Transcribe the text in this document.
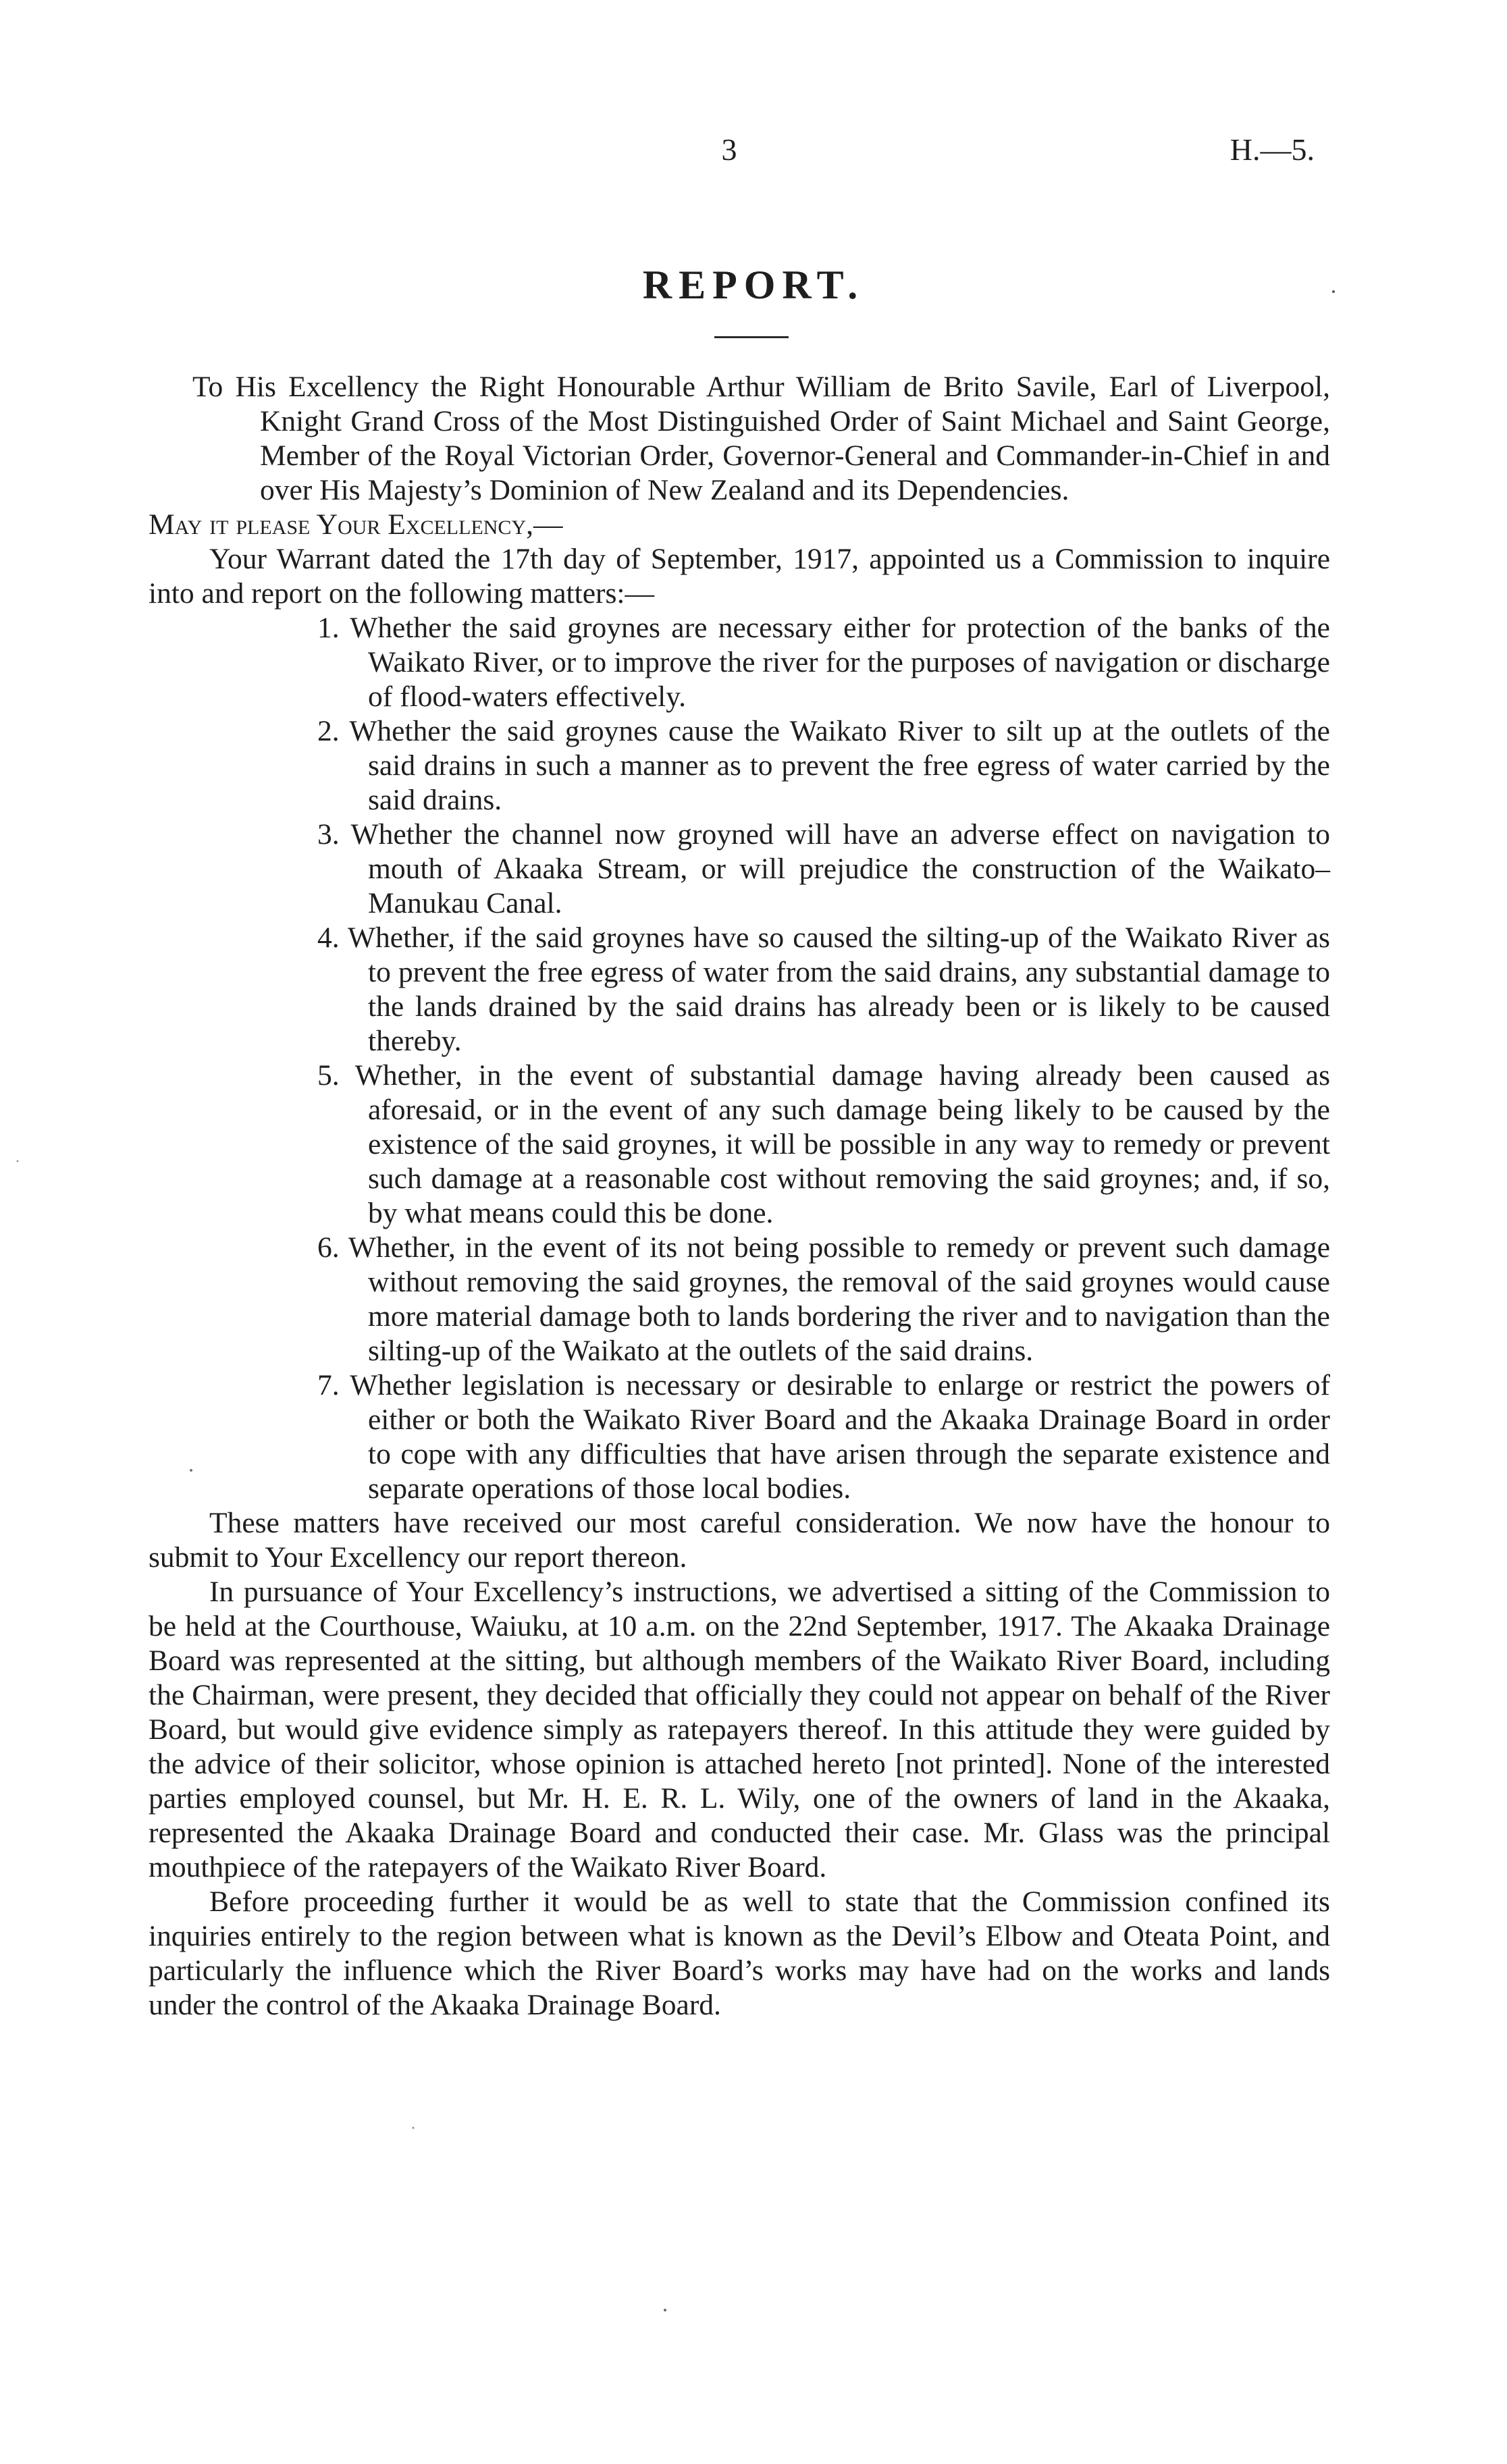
3	H.—5.
REPORT.

To His Excellency the Right Honourable Arthur William de Brito Savile, Earl of Liverpool, Knight Grand Cross of the Most Distinguished Order of Saint Michael and Saint George, Member of the Royal Victorian Order, Governor-General and Commander-in-Chief in and over His Majesty’s Dominion of New Zealand and its Dependencies.

May it please Your Excellency,—

Your Warrant dated the 17th day of September, 1917, appointed us a Commission to inquire into and report on the following matters:—

1. Whether the said groynes are necessary either for protection of the banks of the Waikato River, or to improve the river for the purposes of navigation or discharge of flood-waters effectively.
2. Whether the said groynes cause the Waikato River to silt up at the outlets of the said drains in such a manner as to prevent the free egress of water carried by the said drains.
3. Whether the channel now groyned will have an adverse effect on navigation to mouth of Akaaka Stream, or will prejudice the construction of the Waikato–Manukau Canal.
4. Whether, if the said groynes have so caused the silting-up of the Waikato River as to prevent the free egress of water from the said drains, any substantial damage to the lands drained by the said drains has already been or is likely to be caused thereby.
5. Whether, in the event of substantial damage having already been caused as aforesaid, or in the event of any such damage being likely to be caused by the existence of the said groynes, it will be possible in any way to remedy or prevent such damage at a reasonable cost without removing the said groynes; and, if so, by what means could this be done.
6. Whether, in the event of its not being possible to remedy or prevent such damage without removing the said groynes, the removal of the said groynes would cause more material damage both to lands bordering the river and to navigation than the silting-up of the Waikato at the outlets of the said drains.
7. Whether legislation is necessary or desirable to enlarge or restrict the powers of either or both the Waikato River Board and the Akaaka Drainage Board in order to cope with any difficulties that have arisen through the separate existence and separate operations of those local bodies.

These matters have received our most careful consideration. We now have the honour to submit to Your Excellency our report thereon.

In pursuance of Your Excellency’s instructions, we advertised a sitting of the Commission to be held at the Courthouse, Waiuku, at 10 a.m. on the 22nd September, 1917. The Akaaka Drainage Board was represented at the sitting, but although members of the Waikato River Board, including the Chairman, were present, they decided that officially they could not appear on behalf of the River Board, but would give evidence simply as ratepayers thereof. In this attitude they were guided by the advice of their solicitor, whose opinion is attached hereto [not printed]. None of the interested parties employed counsel, but Mr. H. E. R. L. Wily, one of the owners of land in the Akaaka, represented the Akaaka Drainage Board and conducted their case. Mr. Glass was the principal mouthpiece of the ratepayers of the Waikato River Board.

Before proceeding further it would be as well to state that the Commission confined its inquiries entirely to the region between what is known as the Devil’s Elbow and Oteata Point, and particularly the influence which the River Board’s works may have had on the works and lands under the control of the Akaaka Drainage Board.
